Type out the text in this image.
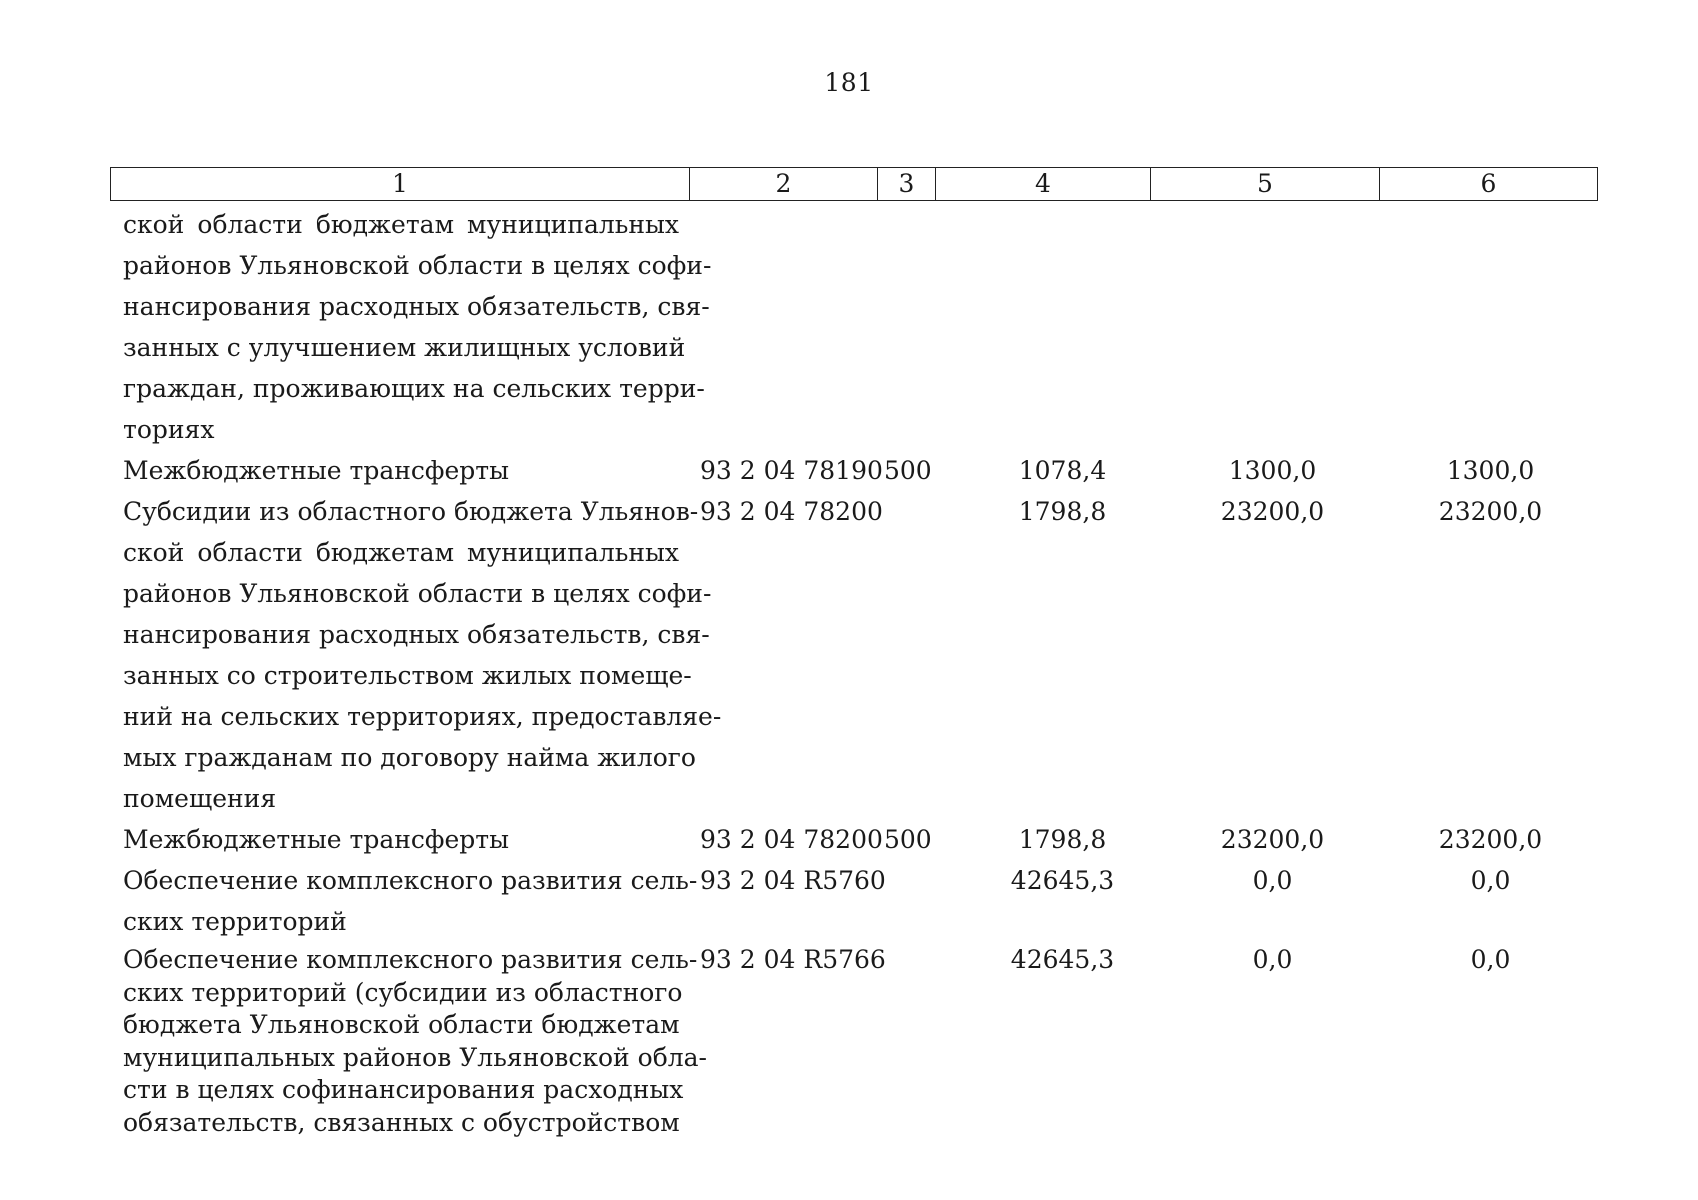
181
1	2	3	4	5	6
ской области бюджетам муниципальных
районов Ульяновской области в целях софи-
нансирования расходных обязательств, свя-
занных с улучшением жилищных условий
граждан, проживающих на сельских терри-
ториях
Межбюджетные трансферты	93 2 04 78190 500	1078,4	1300,0	1300,0
Субсидии из областного бюджета Ульянов-
ской области бюджетам муниципальных
районов Ульяновской области в целях софи-
нансирования расходных обязательств, свя-
занных со строительством жилых помеще-
ний на сельских территориях, предоставляе-
мых гражданам по договору найма жилого
помещения
93 2 04 78200	1798,8	23200,0	23200,0
Межбюджетные трансферты	93 2 04 78200 500	1798,8	23200,0	23200,0
Обеспечение комплексного развития сель-
ских территорий
93 2 04 R5760	42645,3	0,0	0,0
Обеспечение комплексного развития сель-
ских территорий (субсидии из областного
бюджета Ульяновской области бюджетам
муниципальных районов Ульяновской обла-
сти в целях софинансирования расходных
обязательств, связанных с обустройством
93 2 04 R5766	42645,3	0,0	0,0
